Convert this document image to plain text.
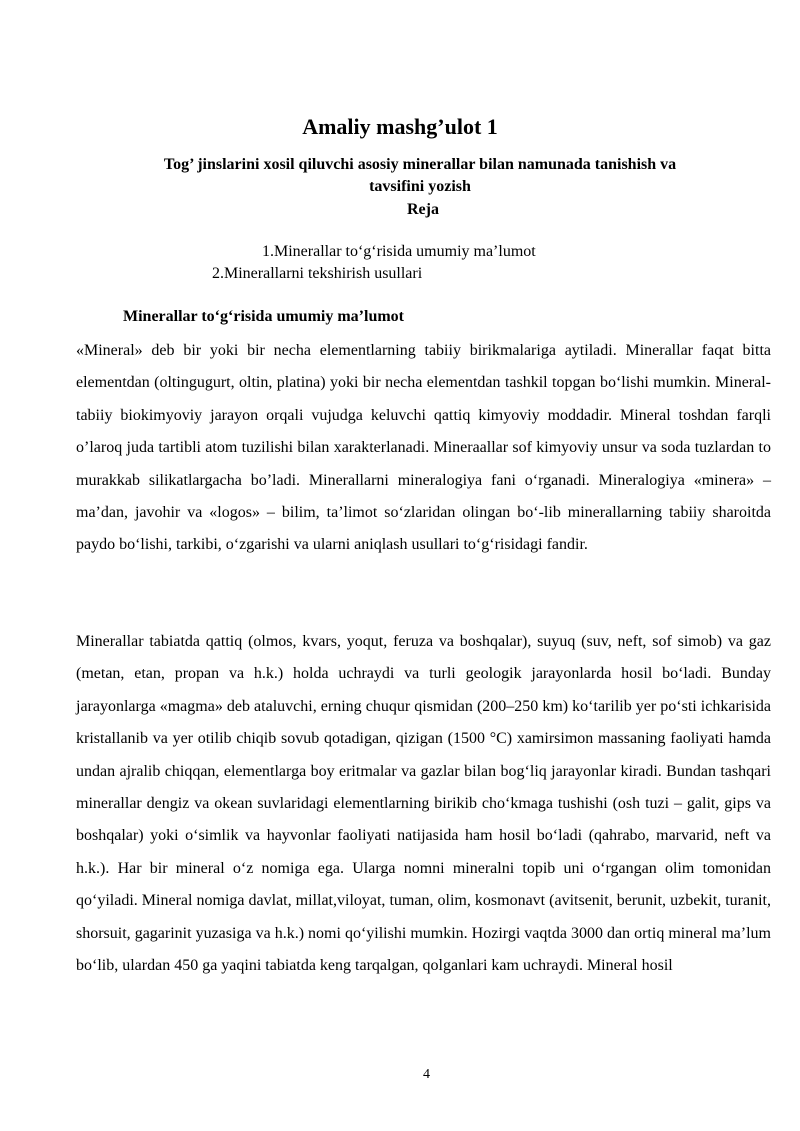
Amaliy mashg’ulot 1
Tog’ jinslarini xosil qiluvchi asosiy minerallar bilan namunada tanishish va tavsifini yozish
Reja
1.Minerallar to‘g‘risida umumiy ma’lumot
2.Minerallarni tekshirish usullari
Minerallar to‘g‘risida umumiy ma’lumot

«Mineral» deb bir yoki bir necha elementlarning tabiiy birikmalariga aytiladi. Minerallar faqat bitta elementdan (oltingugurt, oltin, platina) yoki bir necha elementdan tashkil topgan bo‘lishi mumkin. Mineral- tabiiy biokimyoviy jarayon orqali vujudga keluvchi qattiq kimyoviy moddadir. Mineral toshdan farqli o’laroq juda tartibli atom tuzilishi bilan xarakterlanadi. Mineraallar sof kimyoviy unsur va soda tuzlardan to murakkab silikatlargacha bo’ladi. Minerallarni mineralogiya fani o‘rganadi. Mineralogiya «minera» – ma’dan, javohir va «logos» – bilim, ta’limot so‘zlaridan olingan bo‘-lib minerallarning tabiiy sharoitda paydo bo‘lishi, tarkibi, o‘zgarishi va ularni aniqlash usullari to‘g‘risidagi fandir.

Minerallar tabiatda qattiq (olmos, kvars, yoqut, feruza va boshqalar), suyuq (suv, neft, sof simob) va gaz (metan, etan, propan va h.k.) holda uchraydi va turli geologik jarayonlarda hosil bo‘ladi. Bunday jarayonlarga «magma» deb ataluvchi, erning chuqur qismidan (200–250 km) ko‘tarilib yer po‘sti ichkarisida kristallanib va yer otilib chiqib sovub qotadigan, qizigan (1500 °C) xamirsimon massaning faoliyati hamda undan ajralib chiqqan, elementlarga boy eritmalar va gazlar bilan bog‘liq jarayonlar kiradi. Bundan tashqari minerallar dengiz va okean suvlaridagi elementlarning birikib cho‘kmaga tushishi (osh tuzi – galit, gips va boshqalar) yoki o‘simlik va hayvonlar faoliyati natijasida ham hosil bo‘ladi (qahrabo, marvarid, neft va h.k.). Har bir mineral o‘z nomiga ega. Ularga nomni mineralni topib uni o‘rgangan olim tomonidan qo‘yiladi. Mineral nomiga davlat, millat,viloyat, tuman, olim, kosmonavt (avitsenit, berunit, uzbekit, turanit, shorsuit, gagarinit yuzasiga va h.k.) nomi qo‘yilishi mumkin. Hozirgi vaqtda 3000 dan ortiq mineral ma’lum bo‘lib, ulardan 450 ga yaqini tabiatda keng tarqalgan, qolganlari kam uchraydi. Mineral hosil

4
